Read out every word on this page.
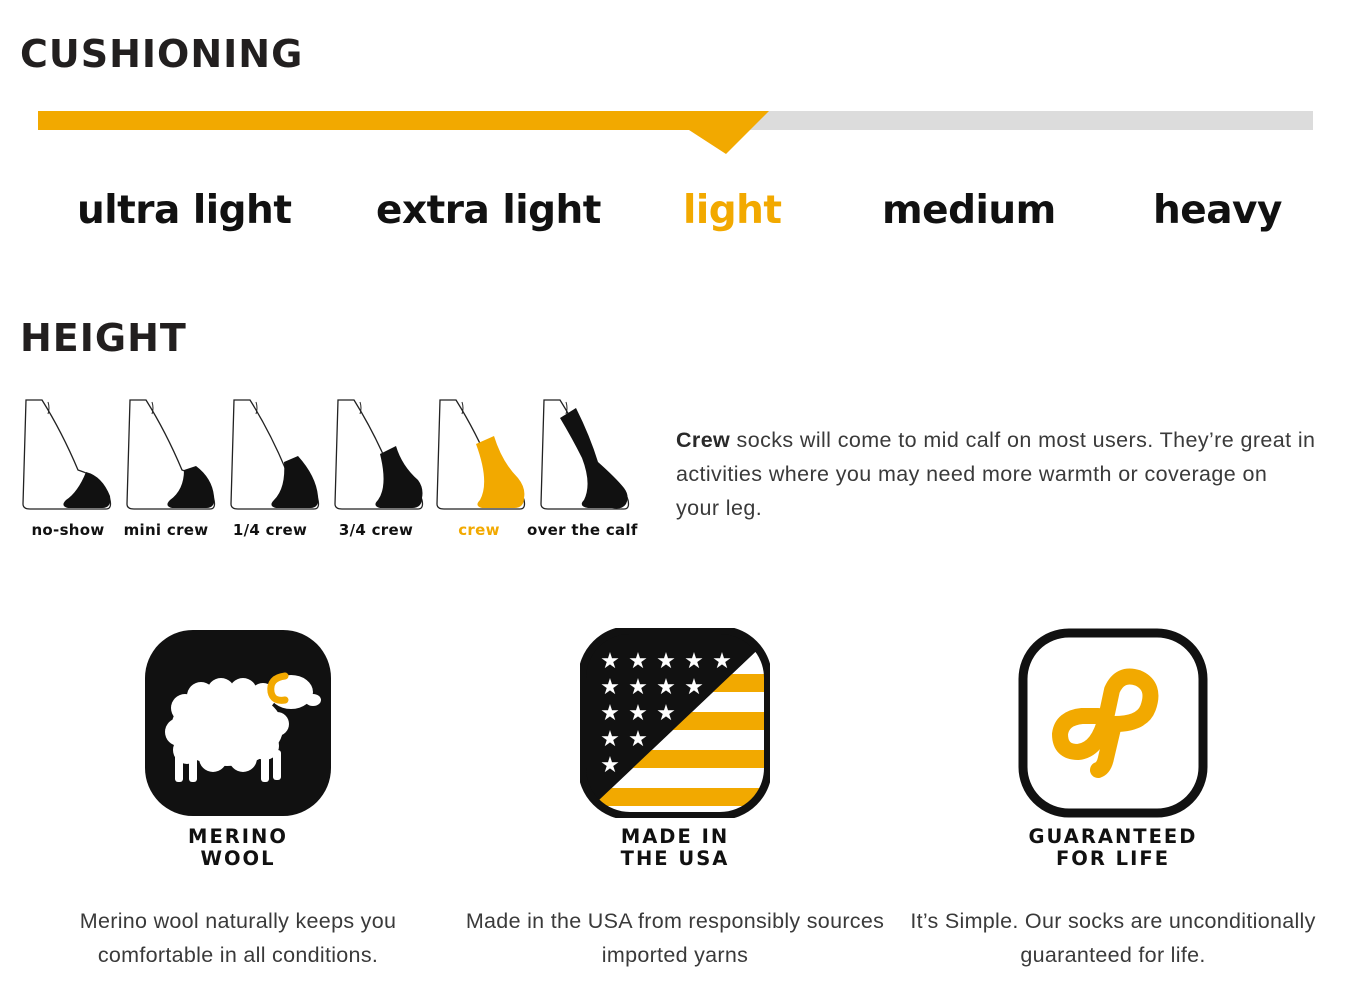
CUSHIONING
ultra light extra light light	medium heavy
HEIGHT
no-show	mini crew	1/4 crew	3/4 crew	crew	over the calf

Crew socks will come to mid calf on most users. They’re great in activities where you may need more warmth or coverage on your leg.

MERINO
WOOL
Merino wool naturally keeps you comfortable in all conditions.
★ ★ ★ ★ ★
★ ★ ★ ★
★ ★ ★
★ ★
★
MADE IN
THE USA
Made in the USA from responsibly sources imported yarns
GUARANTEED
FOR LIFE
It’s Simple. Our socks are unconditionally guaranteed for life.
